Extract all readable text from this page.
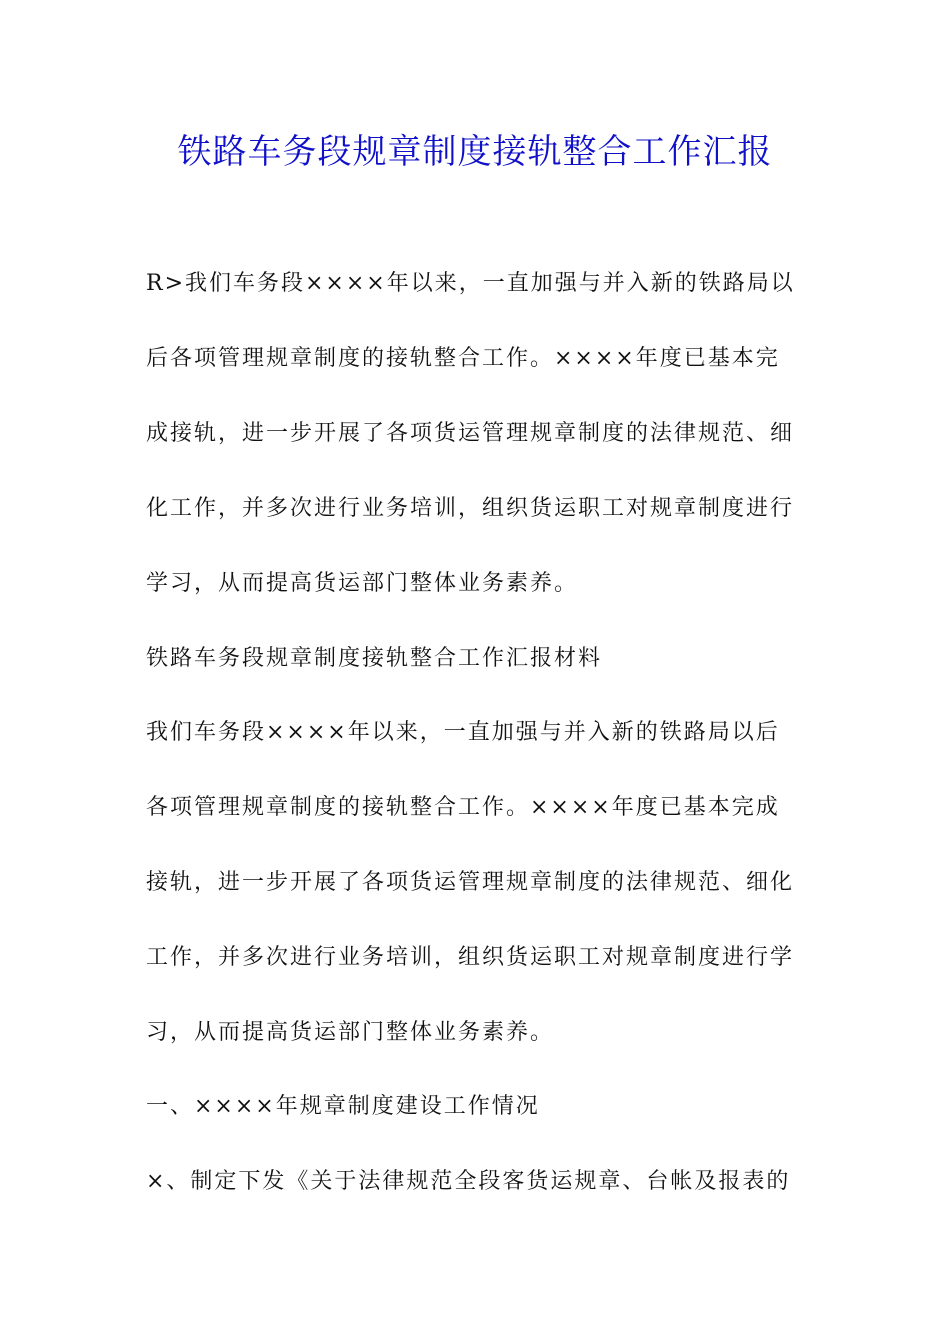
铁路车务段规章制度接轨整合工作汇报
R>我们车务段××××年以来，一直加强与并入新的铁路局以
后各项管理规章制度的接轨整合工作。××××年度已基本完
成接轨，进一步开展了各项货运管理规章制度的法律规范、细
化工作，并多次进行业务培训，组织货运职工对规章制度进行
学习，从而提高货运部门整体业务素养。
铁路车务段规章制度接轨整合工作汇报材料
我们车务段××××年以来，一直加强与并入新的铁路局以后
各项管理规章制度的接轨整合工作。××××年度已基本完成
接轨，进一步开展了各项货运管理规章制度的法律规范、细化
工作，并多次进行业务培训，组织货运职工对规章制度进行学
习，从而提高货运部门整体业务素养。
一、××××年规章制度建设工作情况
×、制定下发《关于法律规范全段客货运规章、台帐及报表的
